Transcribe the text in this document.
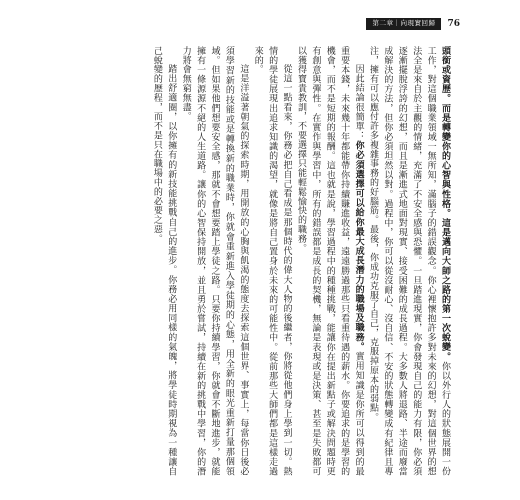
第二章｜向現實回歸	76

頭銜或資歷。而是轉變你的心智與性格。這是邁向大師之路的第一次蛻變。你以外行人的狀態展開一份工作，對這個職業領域一無所知，滿腦子的錯誤觀念。你心裡懷抱許多對未來的幻想，對這個世界的想法全是來自於主觀的情緒，充滿了不安全感與恐懼。一旦踏進現實，你會發現自己的能力有限，你必須逐漸擺脫浮誇的幻想，而且是漸進式地面對現實、接受困難的成長過程。大多數人將退路、半途而廢當成解決的方法，但你必須坦然以對。過程中，你可以從沒耐心、沒自信、不安的狀態轉變成有紀律且專注，擁有可以應付許多複雜事務的好腦筋。最後，你成功克服了自己，克服掉原本的弱點。

因此結論很簡單：你必須選擇可以給你最大成長潛力的職場及職務。實用知識是你所可以得到的最重要本錢，未來幾十年都能帶你持續賺進收益，遠遠勝過那些只看重待遇的薪水。你要追求的是學習的機會，而不是短期的報酬。這也就是說，學習過程中的種種挑戰，能讓你在提出新點子或解決問題時更有創意與彈性。在實作與學習中，所有的錯誤都是成長的契機，無論是表現或是決策、甚至是失敗都可以獲得寶貴教訓，不要選擇只能輕鬆愉快的職務。

從這一點看來，你務必把自己看成是那個時代的偉大人物的後繼者，你將從他們身上學到一切。熱情的學徒展現出追求知識的渴望，就像是將自己置身於未來的可能性中。從前那些大師們都是這樣走過來的。

這是洋溢著朝氣的探索時期，用開放的心胸與飢渴的態度去探索這個世界、事實上，每當你日後必須學習新的技能或是轉換新的職業時，你就會重新進入學徒期的心態，用全新的眼光重新打量那個領域。但如果他們想要安全感，那就不會想要踏上學徒之路。只要你持續學習，你就會不斷地進步，就能擁有一條源源不絕的人生道路。讓你的心智保持開放，並且勇於嘗試，持續在新的挑戰中學習，你的潛力將會無窮無盡。

踏出舒適圈，以你擁有的新技能挑戰自己的進步。你務必用同樣的氣魄，將學徒時期視為一種讓自己蛻變的歷程，而不是只在職場中的必要之惡。
